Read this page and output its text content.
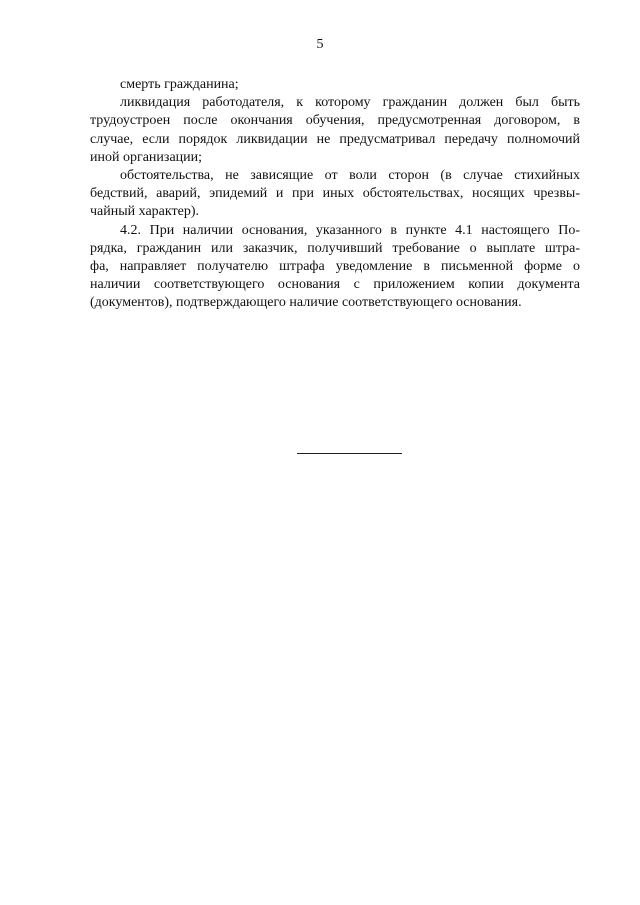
5
смерть гражданина;
ликвидация работодателя, к которому гражданин должен был быть
трудоустроен после окончания обучения, предусмотренная договором, в
случае, если порядок ликвидации не предусматривал передачу полномочий
иной организации;
обстоятельства, не зависящие от воли сторон (в случае стихийных
бедствий, аварий, эпидемий и при иных обстоятельствах, носящих чрезвы-
чайный характер).
4.2. При наличии основания, указанного в пункте 4.1 настоящего По-
рядка, гражданин или заказчик, получивший требование о выплате штра-
фа, направляет получателю штрафа уведомление в письменной форме о
наличии соответствующего основания с приложением копии документа
(документов), подтверждающего наличие соответствующего основания.
